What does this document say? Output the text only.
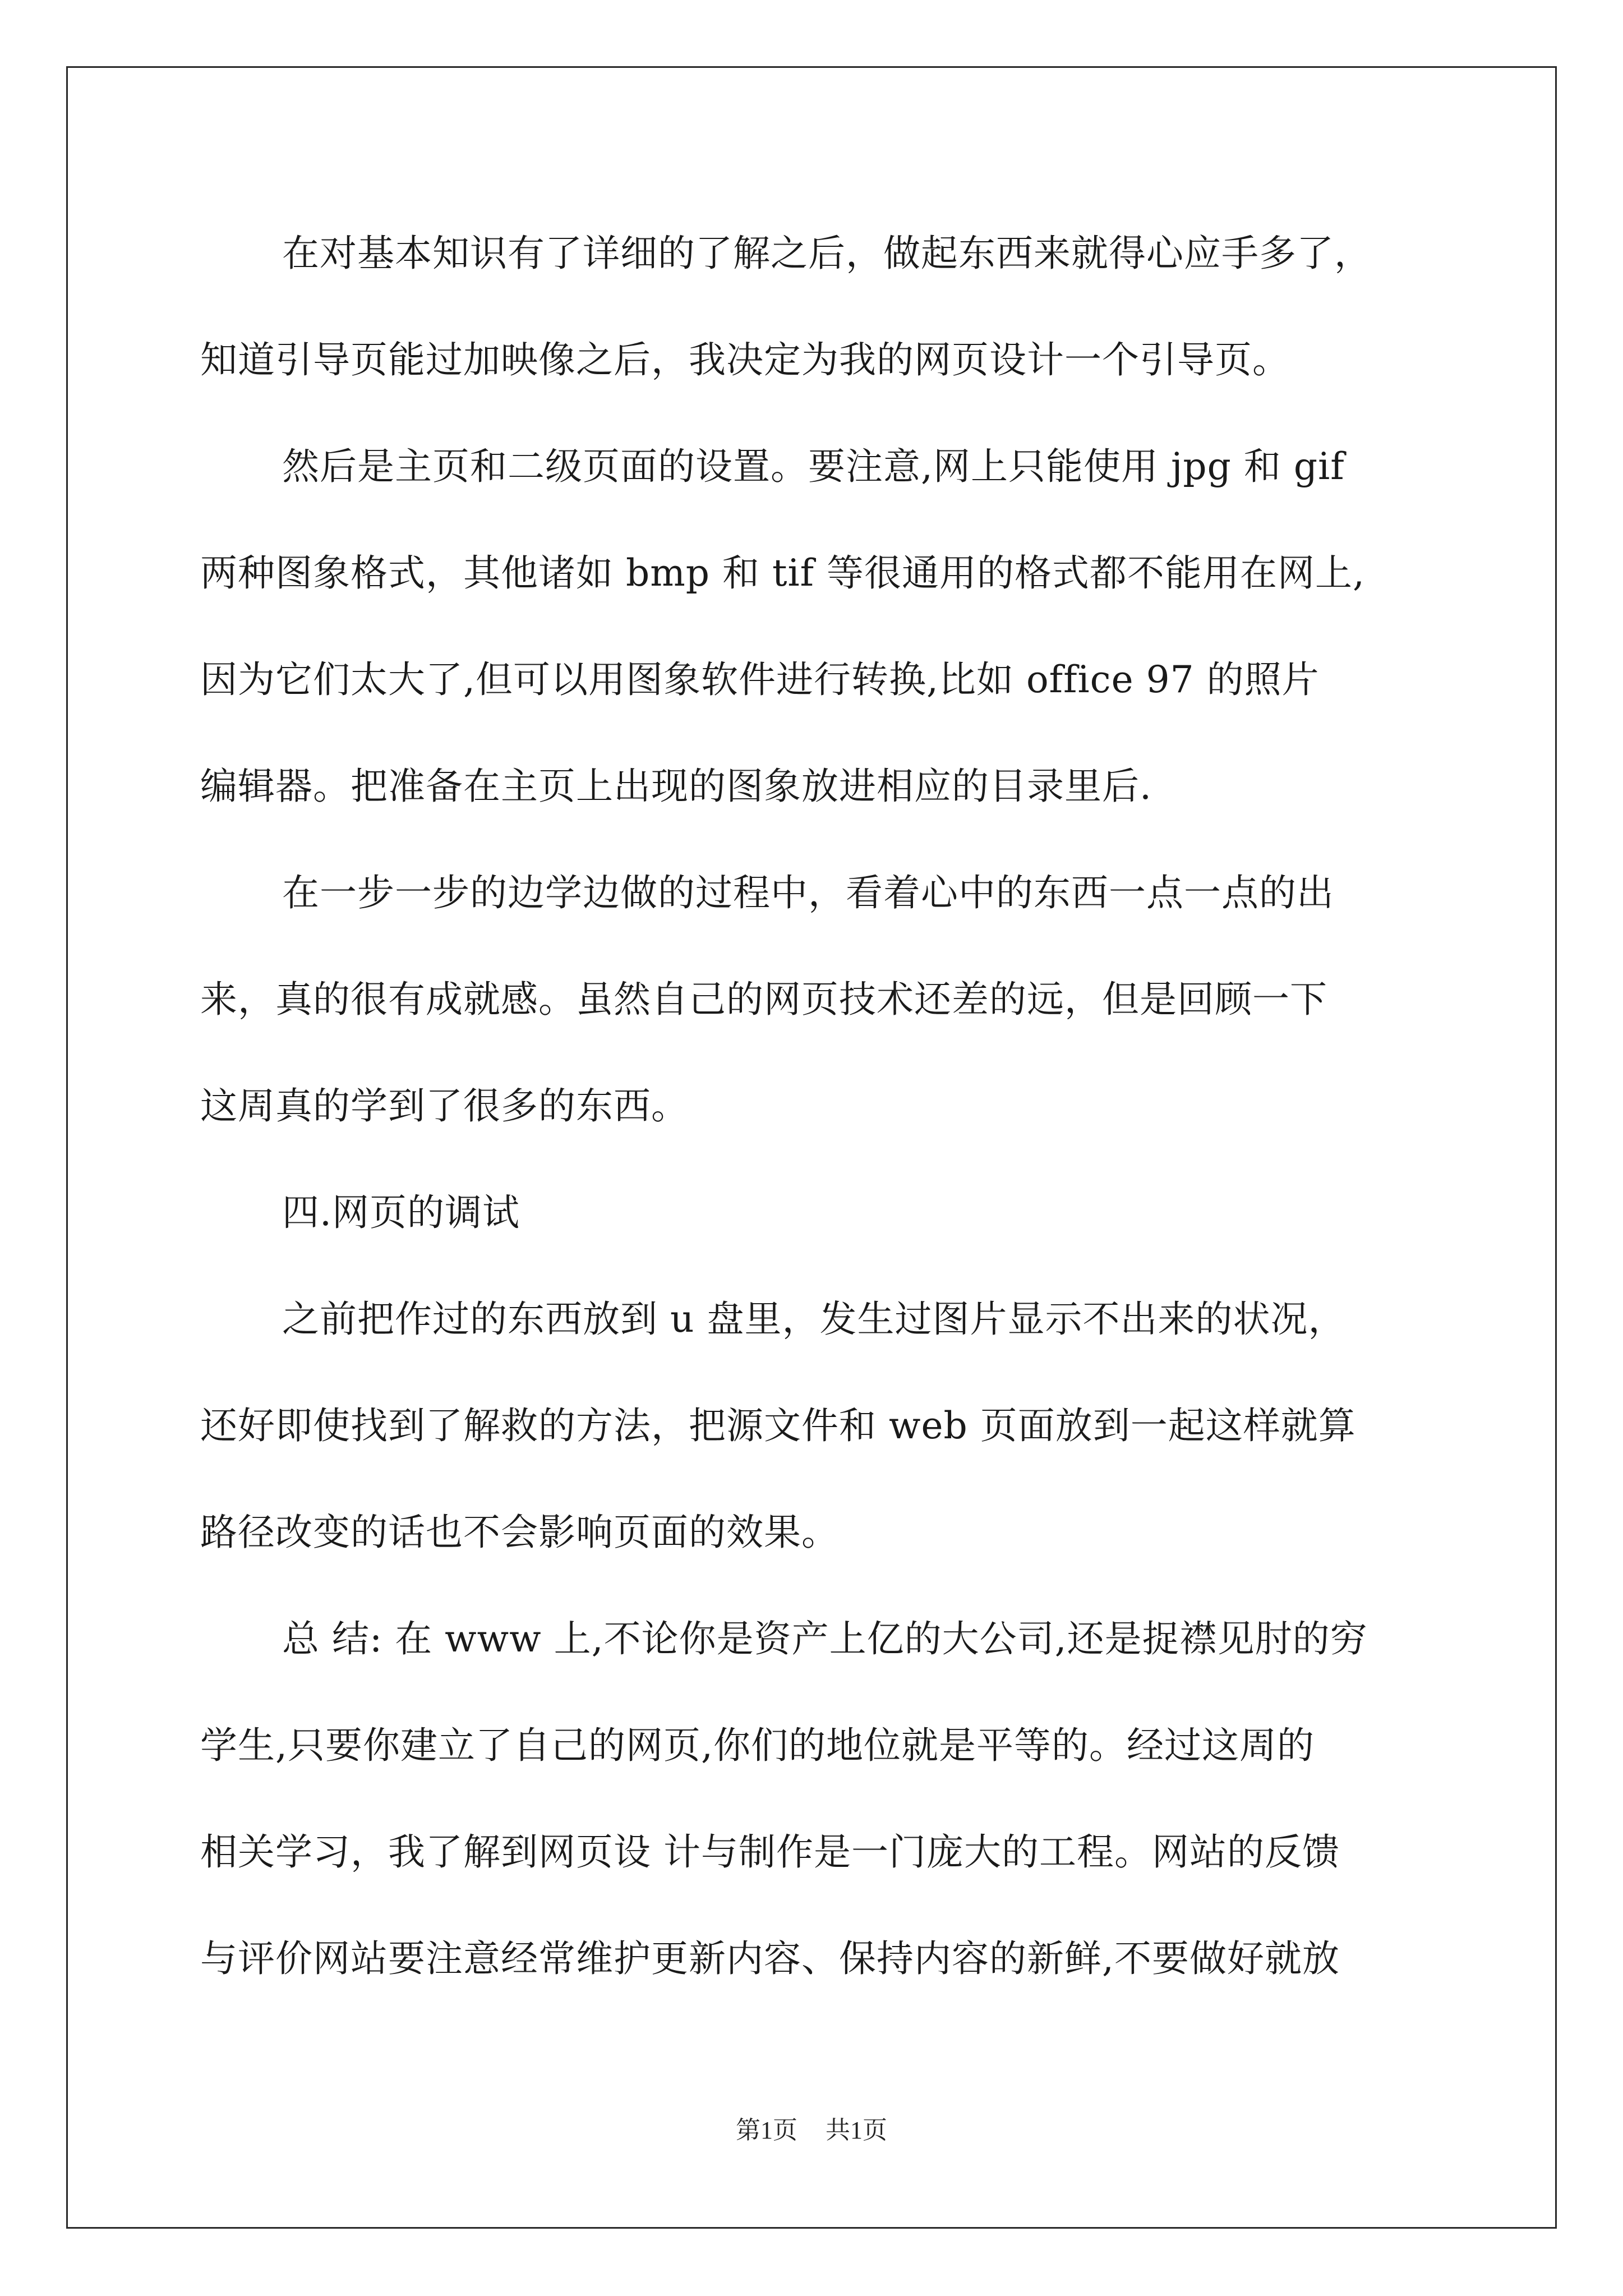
在对基本知识有了详细的了解之后，做起东西来就得心应手多了，
知道引导页能过加映像之后，我决定为我的网页设计一个引导页。
然后是主页和二级页面的设置。要注意,网上只能使用 jpg 和 gif
两种图象格式，其他诸如 bmp 和 tif 等很通用的格式都不能用在网上,
因为它们太大了,但可以用图象软件进行转换,比如 office 97 的照片
编辑器。把准备在主页上出现的图象放进相应的目录里后.
在一步一步的边学边做的过程中，看着心中的东西一点一点的出
来，真的很有成就感。虽然自己的网页技术还差的远，但是回顾一下
这周真的学到了很多的东西。
四.网页的调试
之前把作过的东西放到 u 盘里，发生过图片显示不出来的状况，
还好即使找到了解救的方法，把源文件和 web 页面放到一起这样就算
路径改变的话也不会影响页面的效果。
总 结: 在 www 上,不论你是资产上亿的大公司,还是捉襟见肘的穷
学生,只要你建立了自己的网页,你们的地位就是平等的。经过这周的
相关学习，我了解到网页设 计与制作是一门庞大的工程。网站的反馈
与评价网站要注意经常维护更新内容、保持内容的新鲜,不要做好就放
第1页 共1页
